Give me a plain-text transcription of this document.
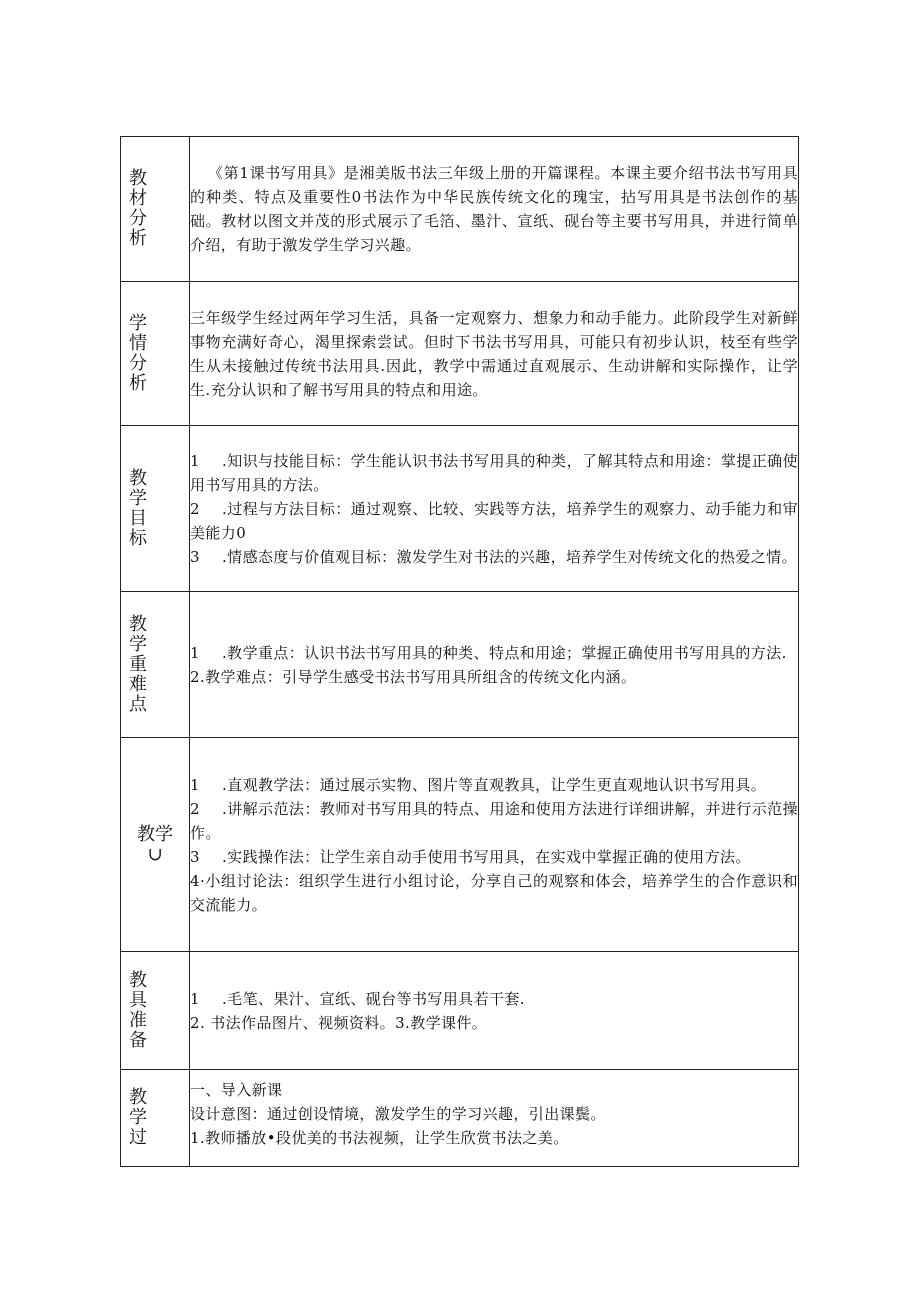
教材分析	《第1课书写用具》是湘美版书法三年级上册的开篇课程。本课主要介绍书法书写用具的种类、特点及重要性0书法作为中华民族传统文化的瑰宝，拈写用具是书法创作的基础。教材以图文并茂的形式展示了毛箔、墨汁、宣纸、砚台等主要书写用具，并进行简单介绍，有助于激发学生学习兴趣。

学情分析	三年级学生经过两年学习生活，具备一定观察力、想象力和动手能力。此阶段学生对新鲜事物充满好奇心，渴里探索尝试。但时下书法书写用具，可能只有初步认识，枝至有些学生从未接触过传统书法用具.因此，教学中需通过直观展示、生动讲解和实际操作，让学生.充分认识和了解书写用具的特点和用途。

教学目标	1 .知识与技能目标：学生能认识书法书写用具的种类，了解其特点和用途：掌提正确使用书写用具的方法。

2 .过程与方法目标：通过观察、比较、实践等方法，培养学生的观察力、动手能力和审美能力0

3 .情感态度与价值观目标：激发学生对书法的兴趣，培养学生对传统文化的热爱之情。

教学重难点	1 .教学重点：认识书法书写用具的种类、特点和用途；掌握正确使用书写用具的方法.

2.教学难点：引导学生感受书法书写用具所组含的传统文化内涵。

教学∪	1 .直观教学法：通过展示实物、图片等直观教具，让学生更直观地认识书写用具。

2 .讲解示范法：教师对书写用具的特点、用途和使用方法进行详细讲解，并进行示范操作。

3 .实践操作法：让学生亲自动手使用书写用具，在实戏中掌握正确的使用方法。

4·小组讨论法：组织学生进行小组讨论，分享自己的观察和体会，培养学生的合作意识和交流能力。

教具准备	1 .毛笔、果汁、宣纸、砚台等书写用具若干套.

2. 书法作品图片、视频资料。3.教学课件。

教学过	一、导入新课

设计意图：通过创设情境，激发学生的学习兴趣，引出课鬓。

1.教师播放•段优美的书法视频，让学生欣赏书法之美。
